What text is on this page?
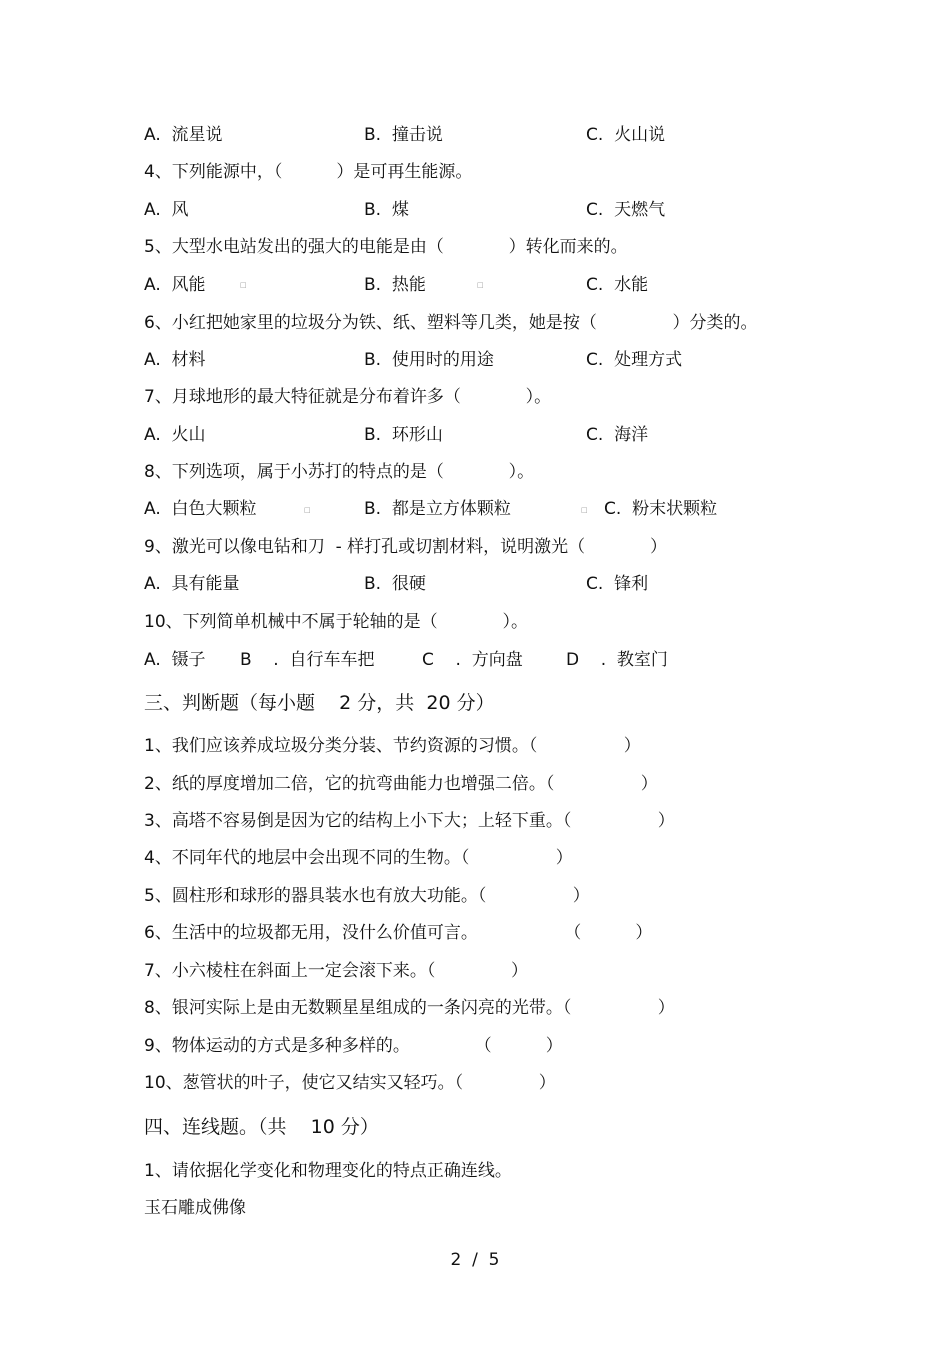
A.  流星说	B.  撞击说	C.  火山说
4、下列能源中，（          ）是可再生能源。
A.  风	B.  煤	C.  天燃气
5、大型水电站发出的强大的电能是由（            ）转化而来的。
A.  风能	□	B.  热能	□	C.  水能
6、小红把她家里的垃圾分为铁、纸、塑料等几类，她是按（              ）分类的。
A.  材料	B.  使用时的用途	C.  处理方式
7、月球地形的最大特征就是分布着许多（            ）。
A.  火山	B.  环形山	C.  海洋
8、下列选项，属于小苏打的特点的是（            ）。
A.  白色大颗粒	□	B.  都是立方体颗粒	□ C.  粉末状颗粒
9、激光可以像电钻和刀  - 样打孔或切割材料，说明激光（            ）
A.  具有能量	B.  很硬	C.  锋利
10、下列简单机械中不属于轮轴的是（            ）。
A.  镊子 B    .  自行车车把	C    .  方向盘	D    .  教室门
三、判断题（每小题    2 分，共  20 分）
1、我们应该养成垃圾分类分装、节约资源的习惯。（                ）
2、纸的厚度增加二倍，它的抗弯曲能力也增强二倍。（                ）
3、高塔不容易倒是因为它的结构上小下大；上轻下重。（                ）
4、不同年代的地层中会出现不同的生物。（                ）
5、圆柱形和球形的器具装水也有放大功能。（                ）
6、生活中的垃圾都无用，没什么价值可言。                （          ）
7、小六棱柱在斜面上一定会滚下来。（              ）
8、银河实际上是由无数颗星星组成的一条闪亮的光带。（                ）
9、物体运动的方式是多种多样的。            （          ）
10、葱管状的叶子，使它又结实又轻巧。（              ）
四、连线题。（共    10 分）
1、请依据化学变化和物理变化的特点正确连线。
玉石雕成佛像
2  /  5
